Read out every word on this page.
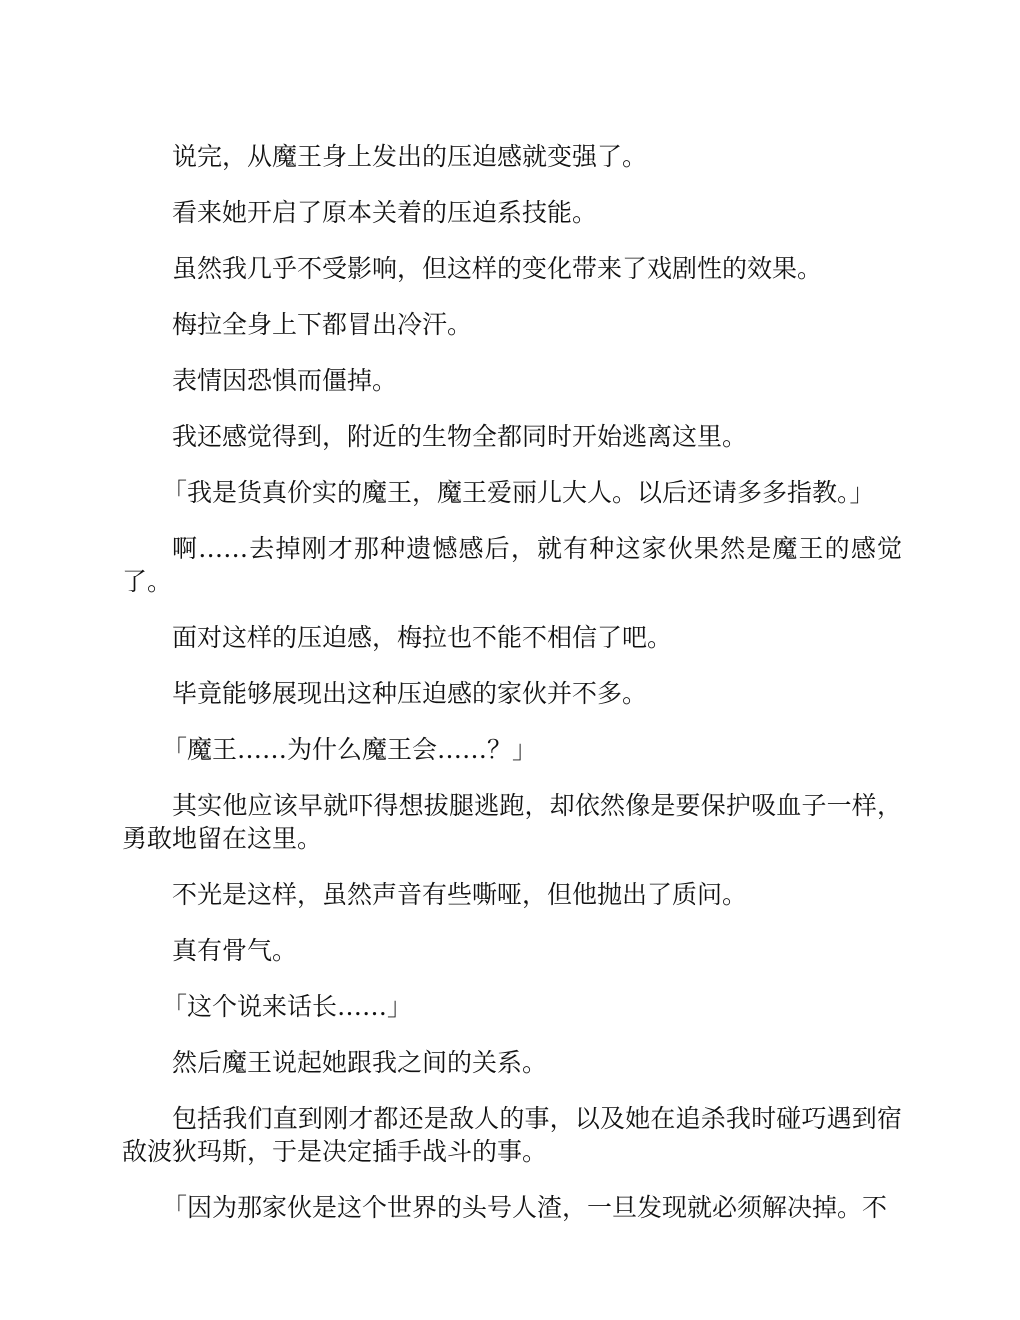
说完，从魔王身上发出的压迫感就变强了。

看来她开启了原本关着的压迫系技能。

虽然我几乎不受影响，但这样的变化带来了戏剧性的效果。

梅拉全身上下都冒出冷汗。

表情因恐惧而僵掉。

我还感觉得到，附近的生物全都同时开始逃离这里。

「我是货真价实的魔王，魔王爱丽儿大人。以后还请多多指教。」

啊……去掉刚才那种遗憾感后，就有种这家伙果然是魔王的感觉了。

面对这样的压迫感，梅拉也不能不相信了吧。

毕竟能够展现出这种压迫感的家伙并不多。

「魔王……为什么魔王会……？」

其实他应该早就吓得想拔腿逃跑，却依然像是要保护吸血子一样，勇敢地留在这里。

不光是这样，虽然声音有些嘶哑，但他抛出了质问。

真有骨气。

「这个说来话长……」

然后魔王说起她跟我之间的关系。

包括我们直到刚才都还是敌人的事，以及她在追杀我时碰巧遇到宿敌波狄玛斯，于是决定插手战斗的事。

「因为那家伙是这个世界的头号人渣，一旦发现就必须解决掉。不
